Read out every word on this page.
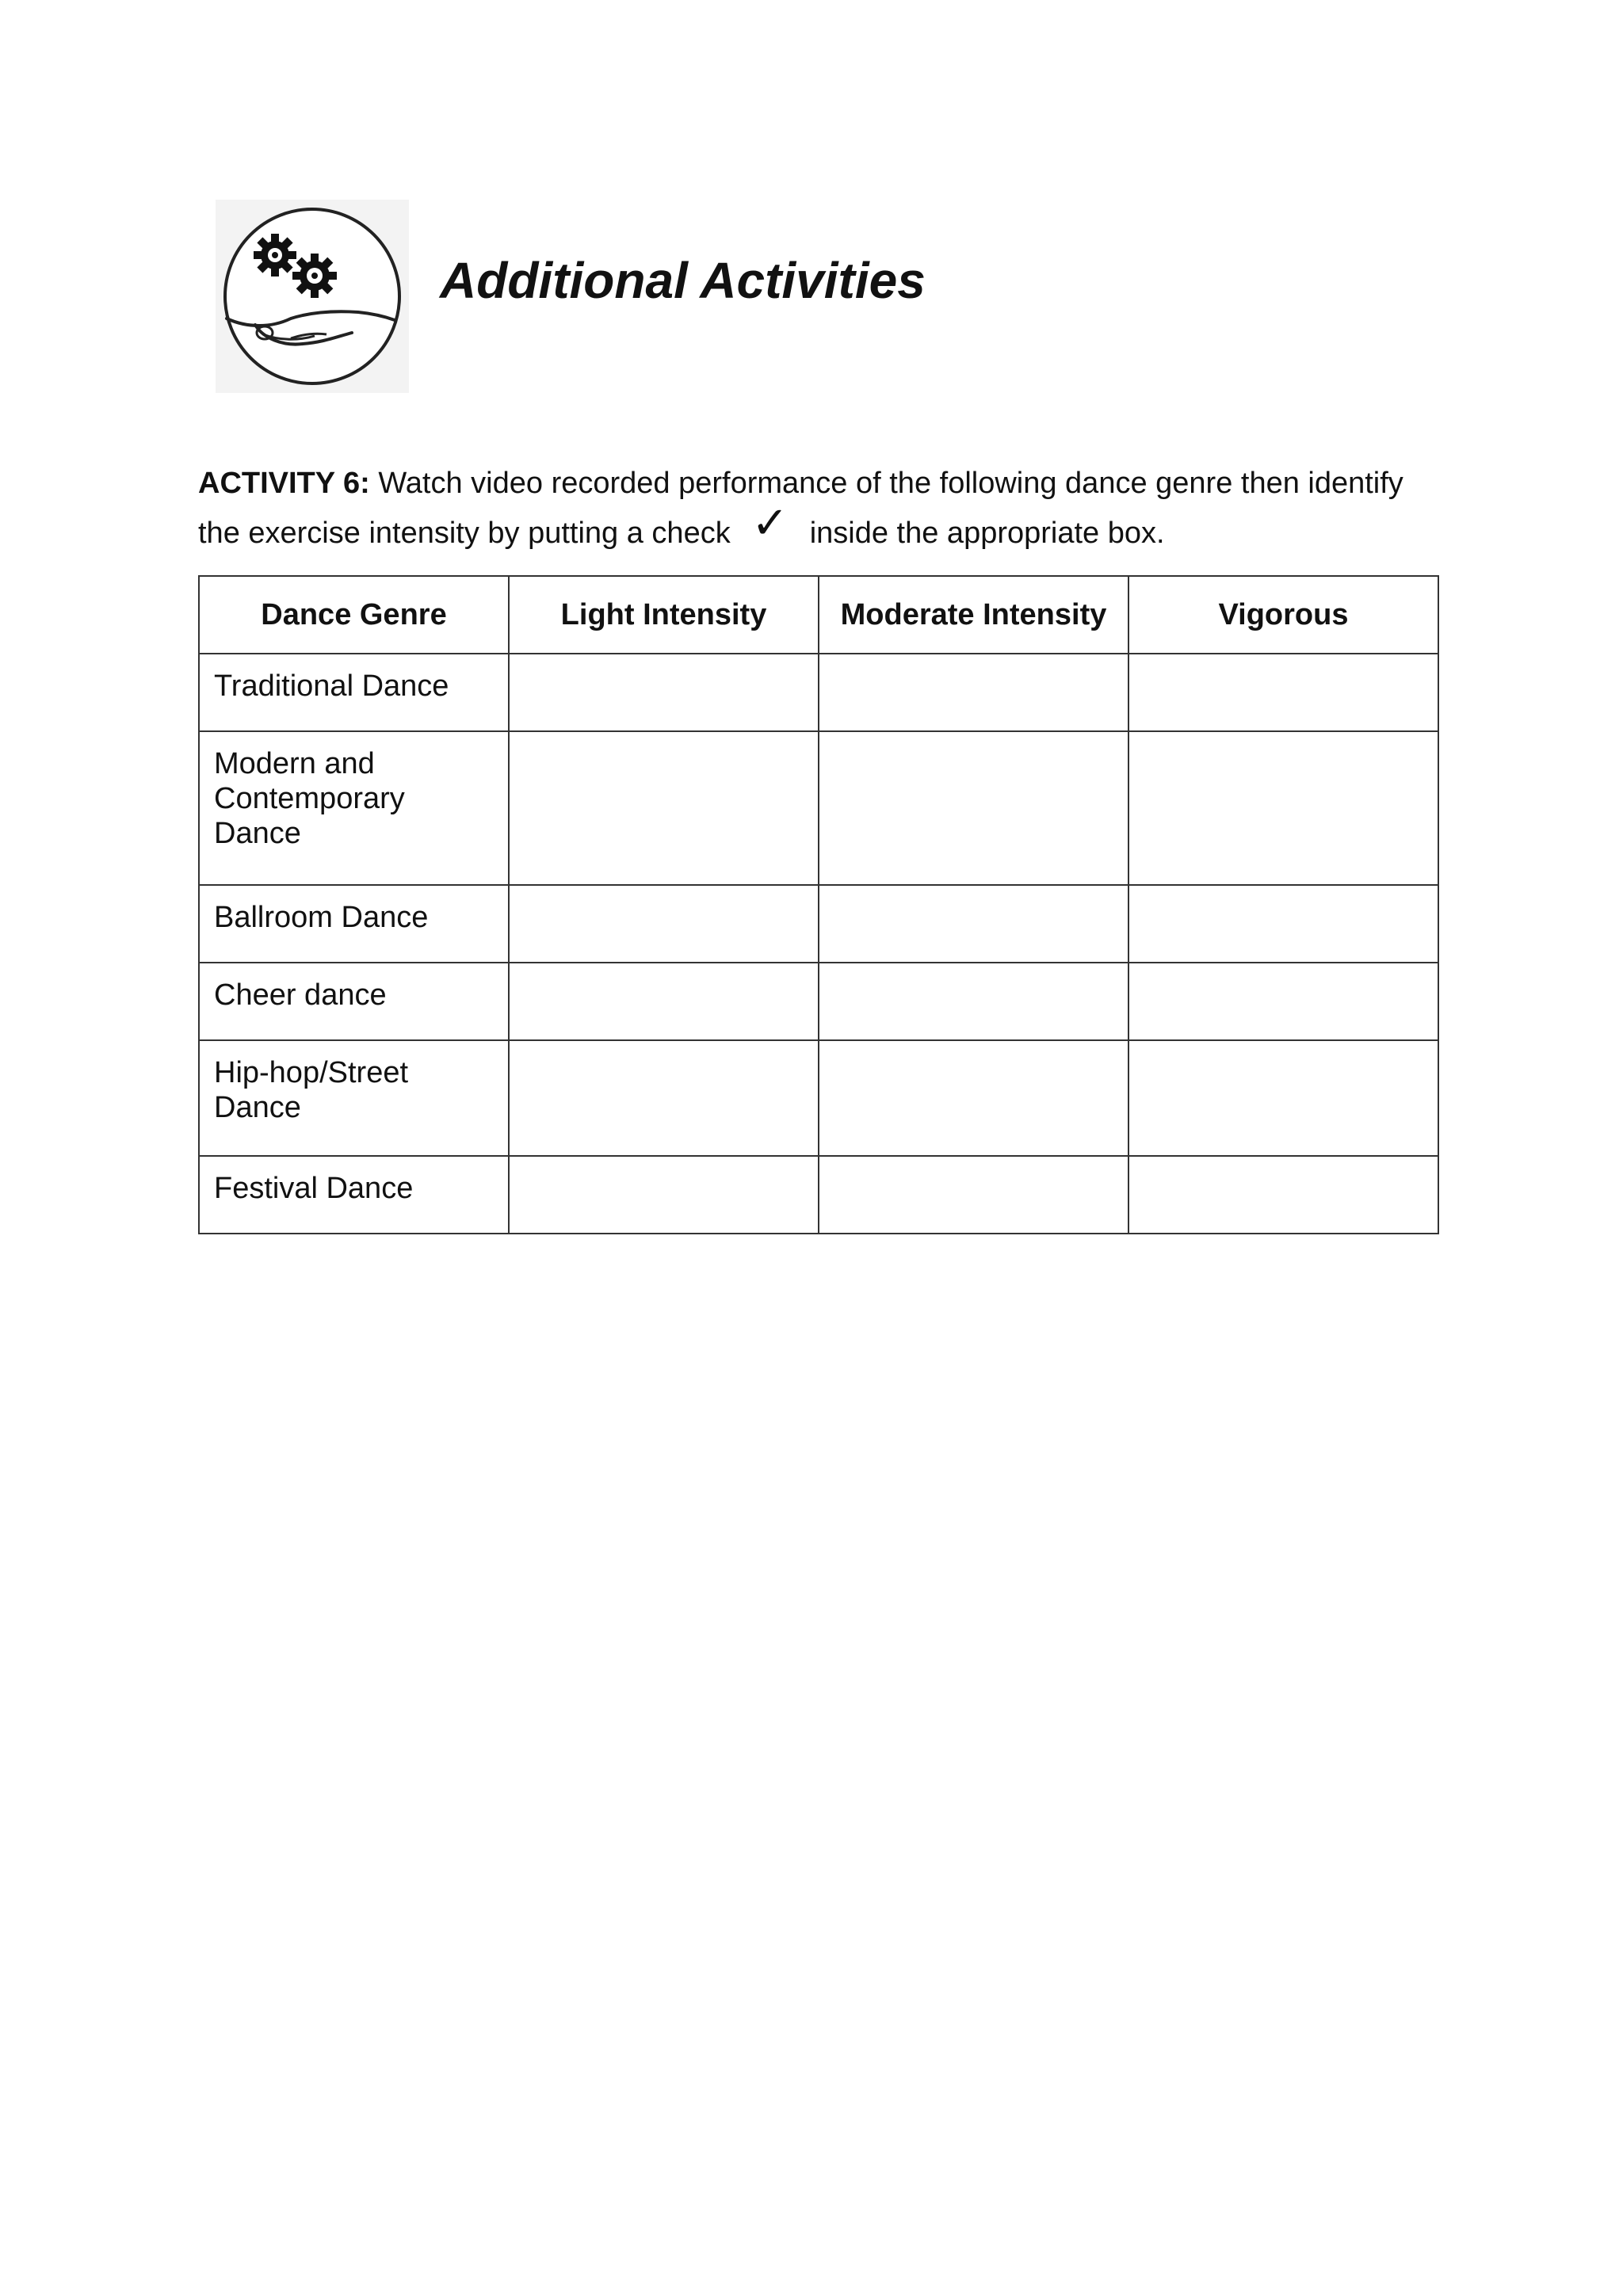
Additional Activities

ACTIVITY 6: Watch video recorded performance of the following dance genre then identify the exercise intensity by putting a check ✓ inside the appropriate box.

Dance Genre	Light Intensity	Moderate Intensity	Vigorous

Traditional Dance			

Modern and Contemporary Dance			

Ballroom Dance			

Cheer dance			

Hip-hop/Street Dance			

Festival Dance			
